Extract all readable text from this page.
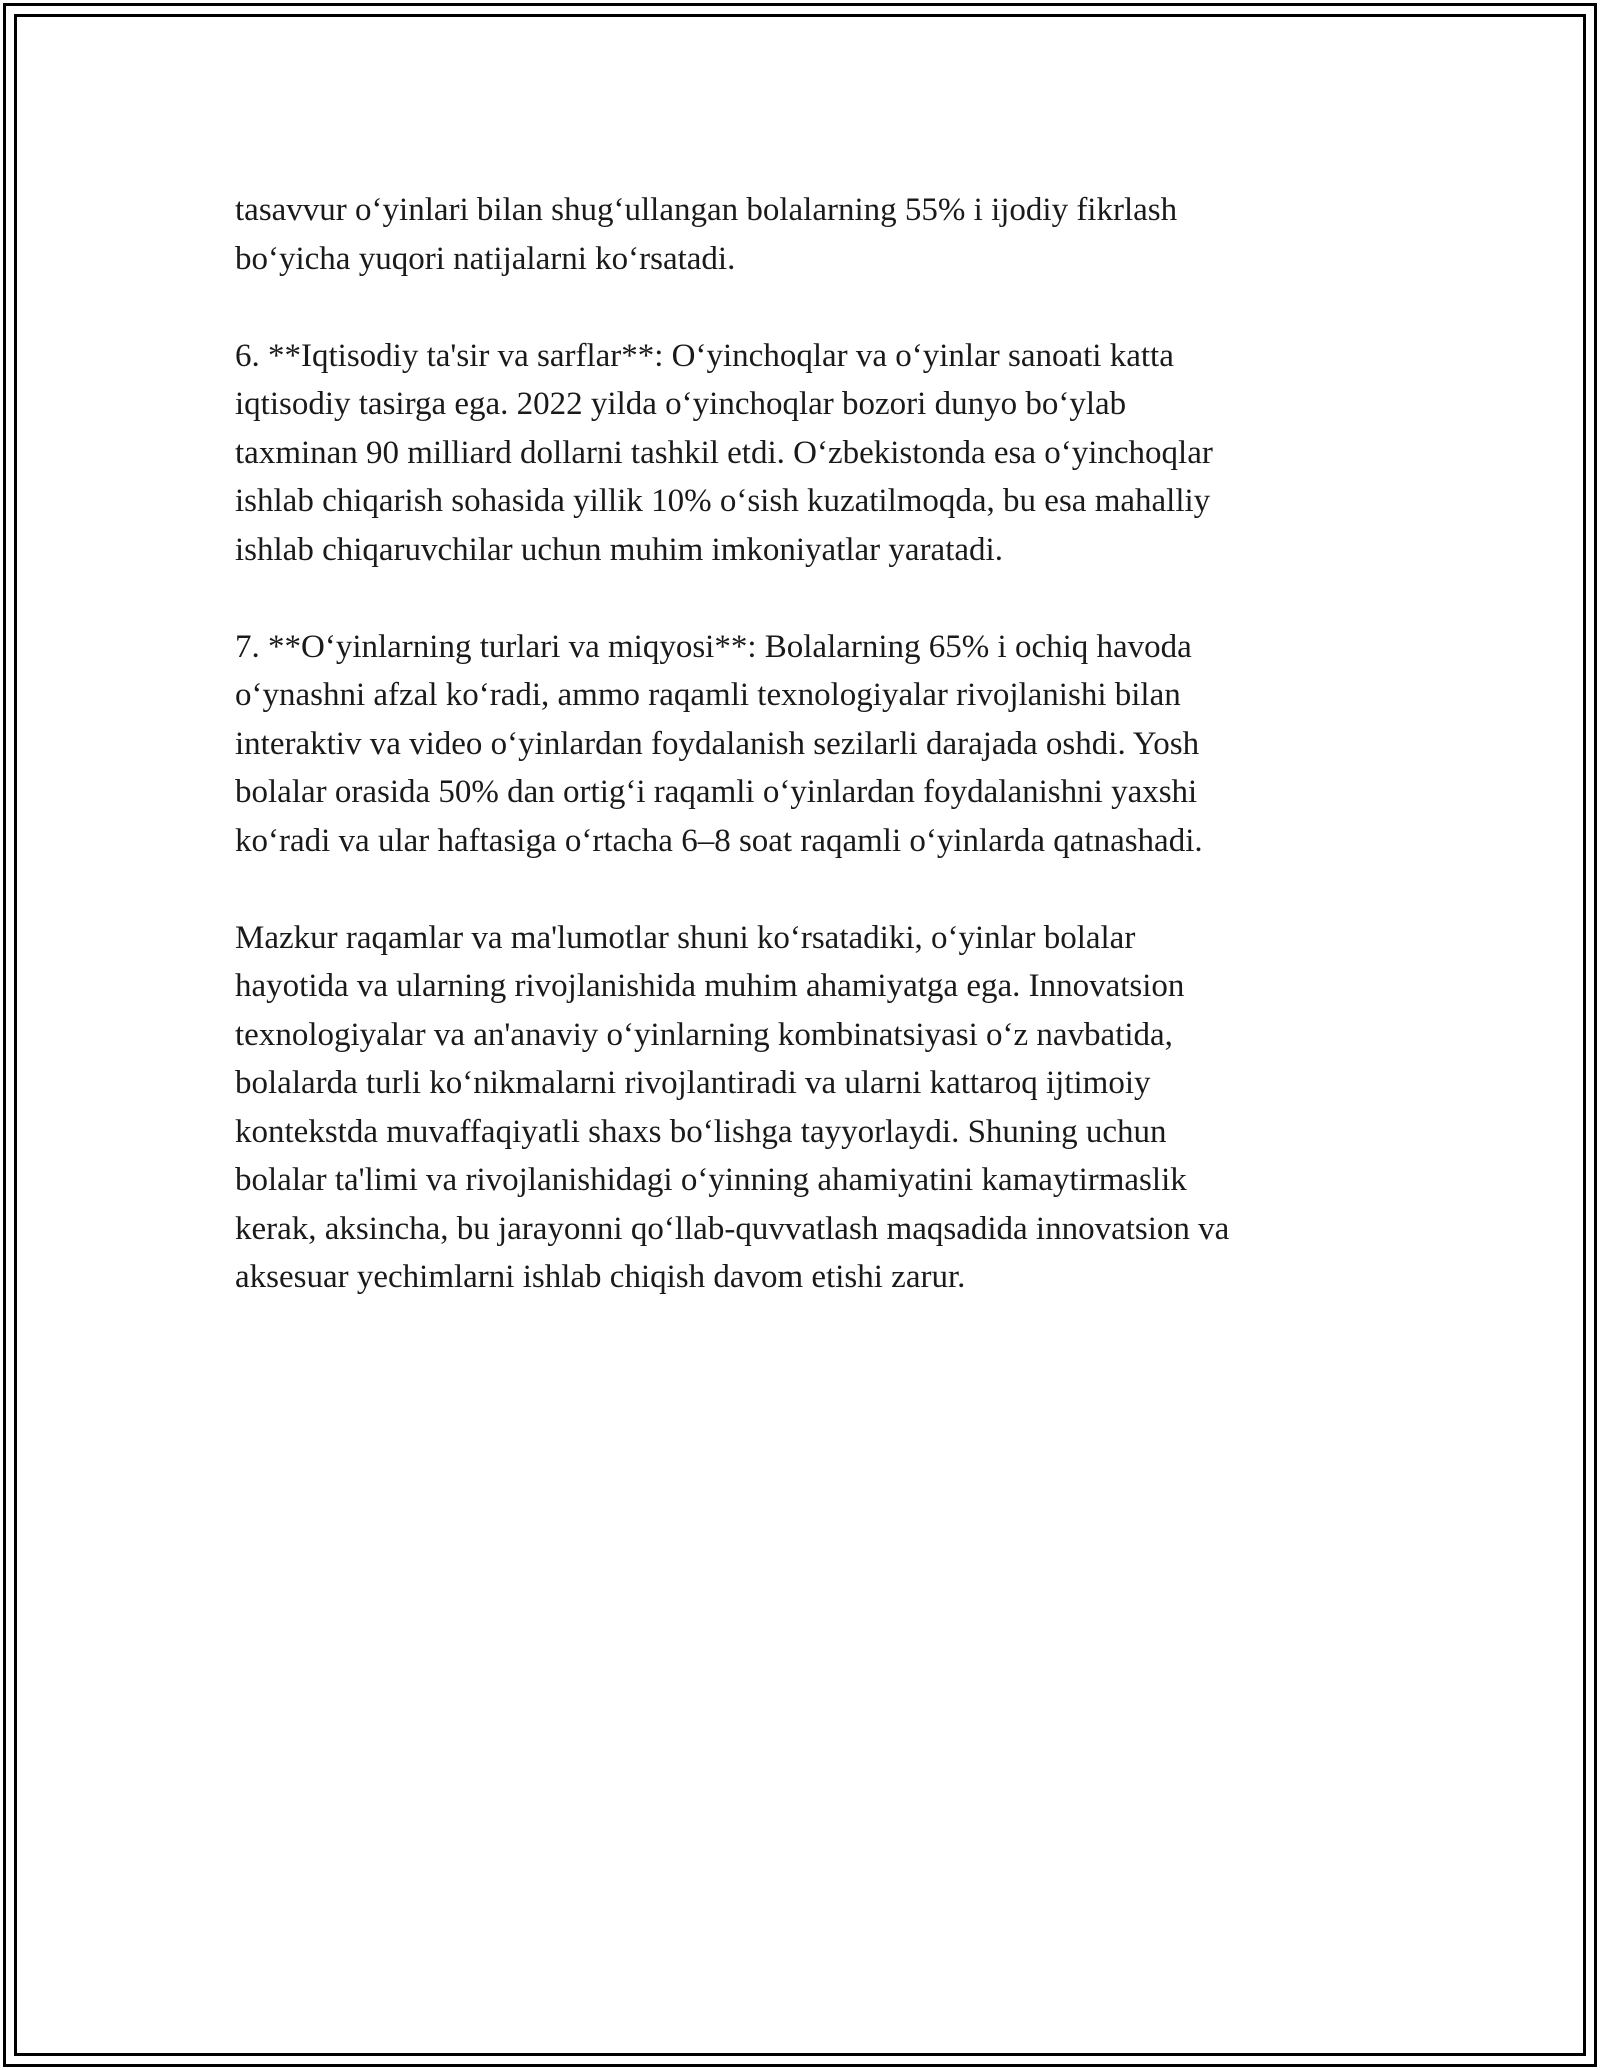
tasavvur o‘yinlari bilan shug‘ullangan bolalarning 55% i ijodiy fikrlash
bo‘yicha yuqori natijalarni ko‘rsatadi.

6. **Iqtisodiy ta'sir va sarflar**: O‘yinchoqlar va o‘yinlar sanoati katta
iqtisodiy tasirga ega. 2022 yilda o‘yinchoqlar bozori dunyo bo‘ylab
taxminan 90 milliard dollarni tashkil etdi. O‘zbekistonda esa o‘yinchoqlar
ishlab chiqarish sohasida yillik 10% o‘sish kuzatilmoqda, bu esa mahalliy
ishlab chiqaruvchilar uchun muhim imkoniyatlar yaratadi.

7. **O‘yinlarning turlari va miqyosi**: Bolalarning 65% i ochiq havoda
o‘ynashni afzal ko‘radi, ammo raqamli texnologiyalar rivojlanishi bilan
interaktiv va video o‘yinlardan foydalanish sezilarli darajada oshdi. Yosh
bolalar orasida 50% dan ortig‘i raqamli o‘yinlardan foydalanishni yaxshi
ko‘radi va ular haftasiga o‘rtacha 6–8 soat raqamli o‘yinlarda qatnashadi.

Mazkur raqamlar va ma'lumotlar shuni ko‘rsatadiki, o‘yinlar bolalar
hayotida va ularning rivojlanishida muhim ahamiyatga ega. Innovatsion
texnologiyalar va an'anaviy o‘yinlarning kombinatsiyasi o‘z navbatida,
bolalarda turli ko‘nikmalarni rivojlantiradi va ularni kattaroq ijtimoiy
kontekstda muvaffaqiyatli shaxs bo‘lishga tayyorlaydi. Shuning uchun
bolalar ta'limi va rivojlanishidagi o‘yinning ahamiyatini kamaytirmaslik
kerak, aksincha, bu jarayonni qo‘llab-quvvatlash maqsadida innovatsion va
aksesuar yechimlarni ishlab chiqish davom etishi zarur.
